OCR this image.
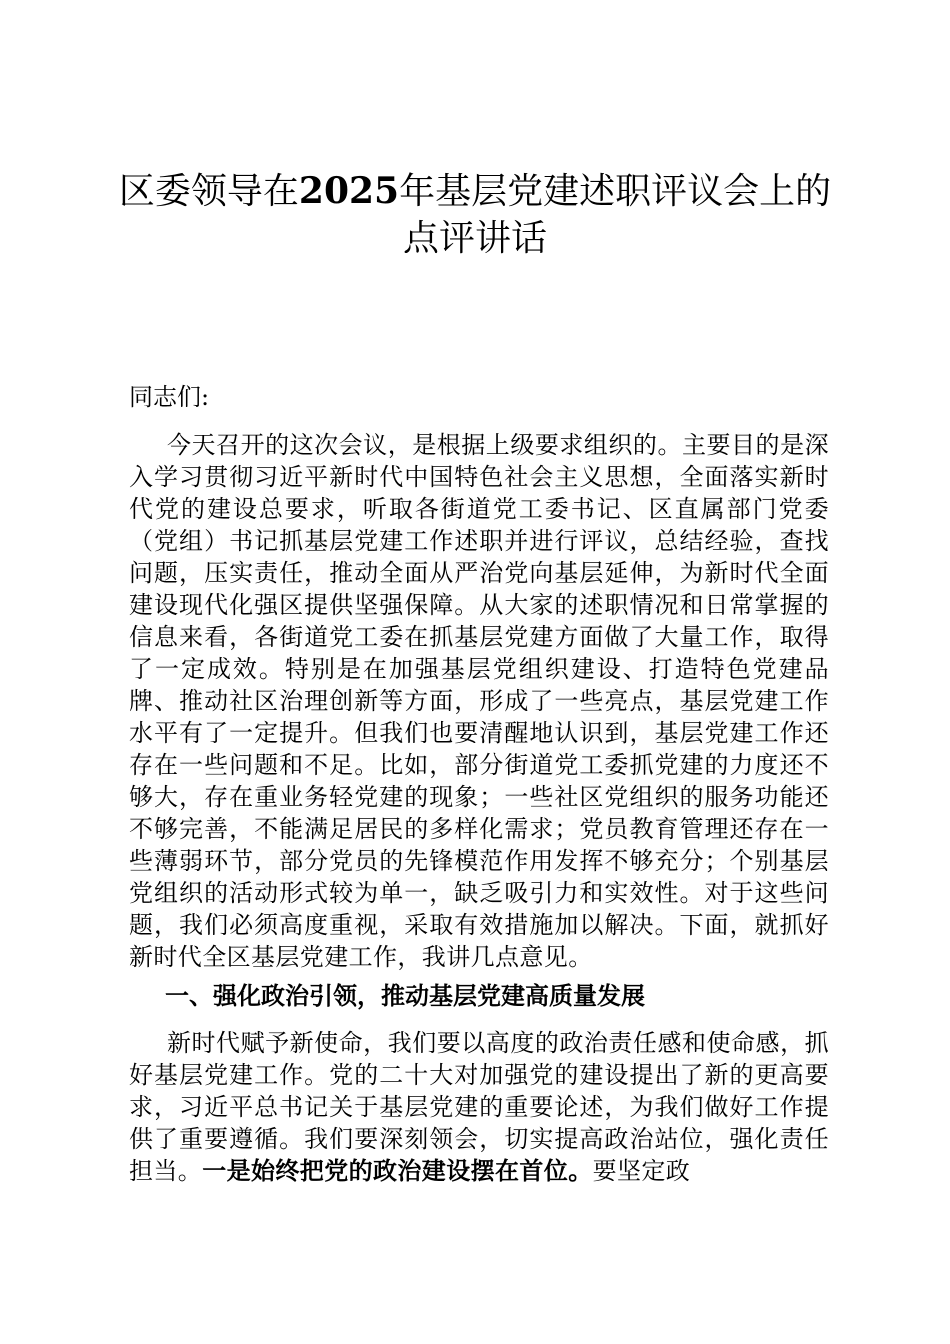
区委领导在2025年基层党建述职评议会上的
点评讲话

同志们:

今天召开的这次会议，是根据上级要求组织的。主要目的是深入学习贯彻习近平新时代中国特色社会主义思想，全面落实新时代党的建设总要求，听取各街道党工委书记、区直属部门党委（党组）书记抓基层党建工作述职并进行评议，总结经验，查找问题，压实责任，推动全面从严治党向基层延伸，为新时代全面建设现代化强区提供坚强保障。从大家的述职情况和日常掌握的信息来看，各街道党工委在抓基层党建方面做了大量工作，取得了一定成效。特别是在加强基层党组织建设、打造特色党建品牌、推动社区治理创新等方面，形成了一些亮点，基层党建工作水平有了一定提升。但我们也要清醒地认识到，基层党建工作还存在一些问题和不足。比如，部分街道党工委抓党建的力度还不够大，存在重业务轻党建的现象；一些社区党组织的服务功能还不够完善，不能满足居民的多样化需求；党员教育管理还存在一些薄弱环节，部分党员的先锋模范作用发挥不够充分；个别基层党组织的活动形式较为单一，缺乏吸引力和实效性。对于这些问题，我们必须高度重视，采取有效措施加以解决。下面，就抓好新时代全区基层党建工作，我讲几点意见。

一、强化政治引领，推动基层党建高质量发展

新时代赋予新使命，我们要以高度的政治责任感和使命感，抓好基层党建工作。党的二十大对加强党的建设提出了新的更高要求，习近平总书记关于基层党建的重要论述，为我们做好工作提供了重要遵循。我们要深刻领会，切实提高政治站位，强化责任担当。一是始终把党的政治建设摆在首位。要坚定政
